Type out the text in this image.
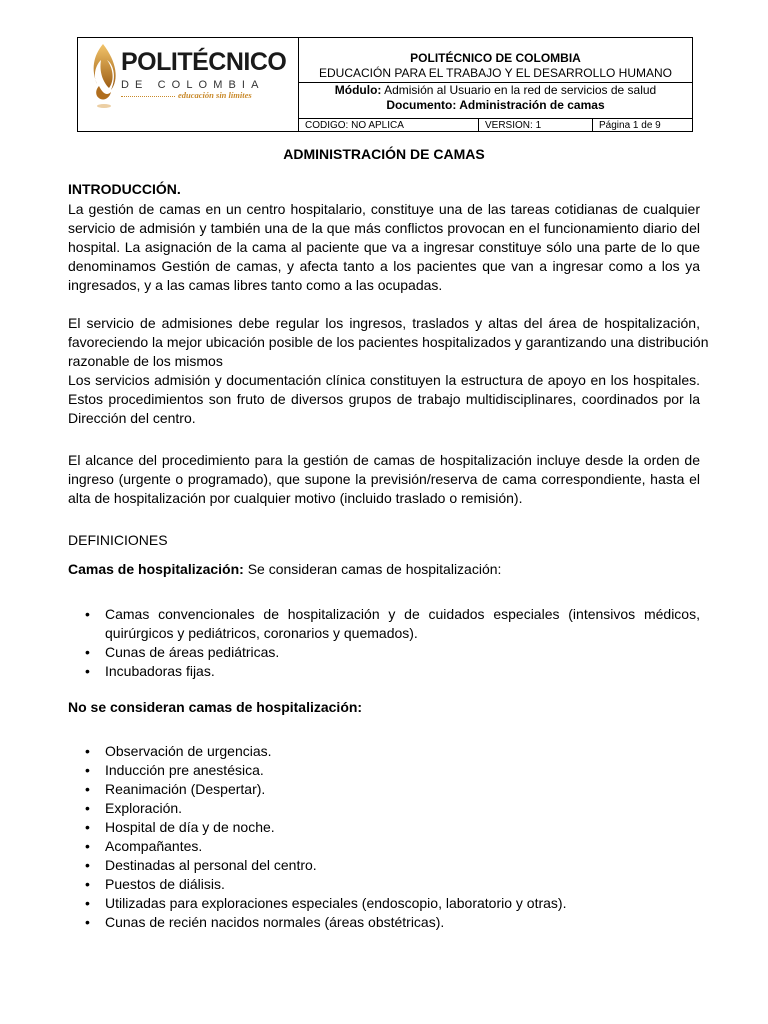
POLITÉCNICO
DE COLOMBIA
educación sin límites
POLITÉCNICO DE COLOMBIA
EDUCACIÓN PARA EL TRABAJO Y EL DESARROLLO HUMANO
Módulo: Admisión al Usuario en la red de servicios de salud
Documento: Administración de camas
CODIGO: NO APLICA	VERSION: 1	Página 1 de 9
ADMINISTRACIÓN DE CAMAS
INTRODUCCIÓN.
La gestión de camas en un centro hospitalario, constituye una de las tareas cotidianas de cualquier
servicio de admisión y también una de la que más conflictos provocan en el funcionamiento diario del
hospital. La asignación de la cama al paciente que va a ingresar constituye sólo una parte de lo que
denominamos Gestión de camas, y afecta tanto a los pacientes que van a ingresar como a los ya
ingresados, y a las camas libres tanto como a las ocupadas.
El servicio de admisiones debe regular los ingresos, traslados y altas del área de hospitalización,
favoreciendo la mejor ubicación posible de los pacientes hospitalizados y garantizando una distribución
razonable de los mismos
Los servicios admisión y documentación clínica constituyen la estructura de apoyo en los hospitales.
Estos procedimientos son fruto de diversos grupos de trabajo multidisciplinares, coordinados por la
Dirección del centro.
El alcance del procedimiento para la gestión de camas de hospitalización incluye desde la orden de
ingreso (urgente o programado), que supone la previsión/reserva de cama correspondiente, hasta el
alta de hospitalización por cualquier motivo (incluido traslado o remisión).
DEFINICIONES
Camas de hospitalización: Se consideran camas de hospitalización:
• Camas convencionales de hospitalización y de cuidados especiales (intensivos médicos,
quirúrgicos y pediátricos, coronarios y quemados).
• Cunas de áreas pediátricas.
• Incubadoras fijas.
No se consideran camas de hospitalización:
• Observación de urgencias.
• Inducción pre anestésica.
• Reanimación (Despertar).
• Exploración.
• Hospital de día y de noche.
• Acompañantes.
• Destinadas al personal del centro.
• Puestos de diálisis.
• Utilizadas para exploraciones especiales (endoscopio, laboratorio y otras).
• Cunas de recién nacidos normales (áreas obstétricas).
